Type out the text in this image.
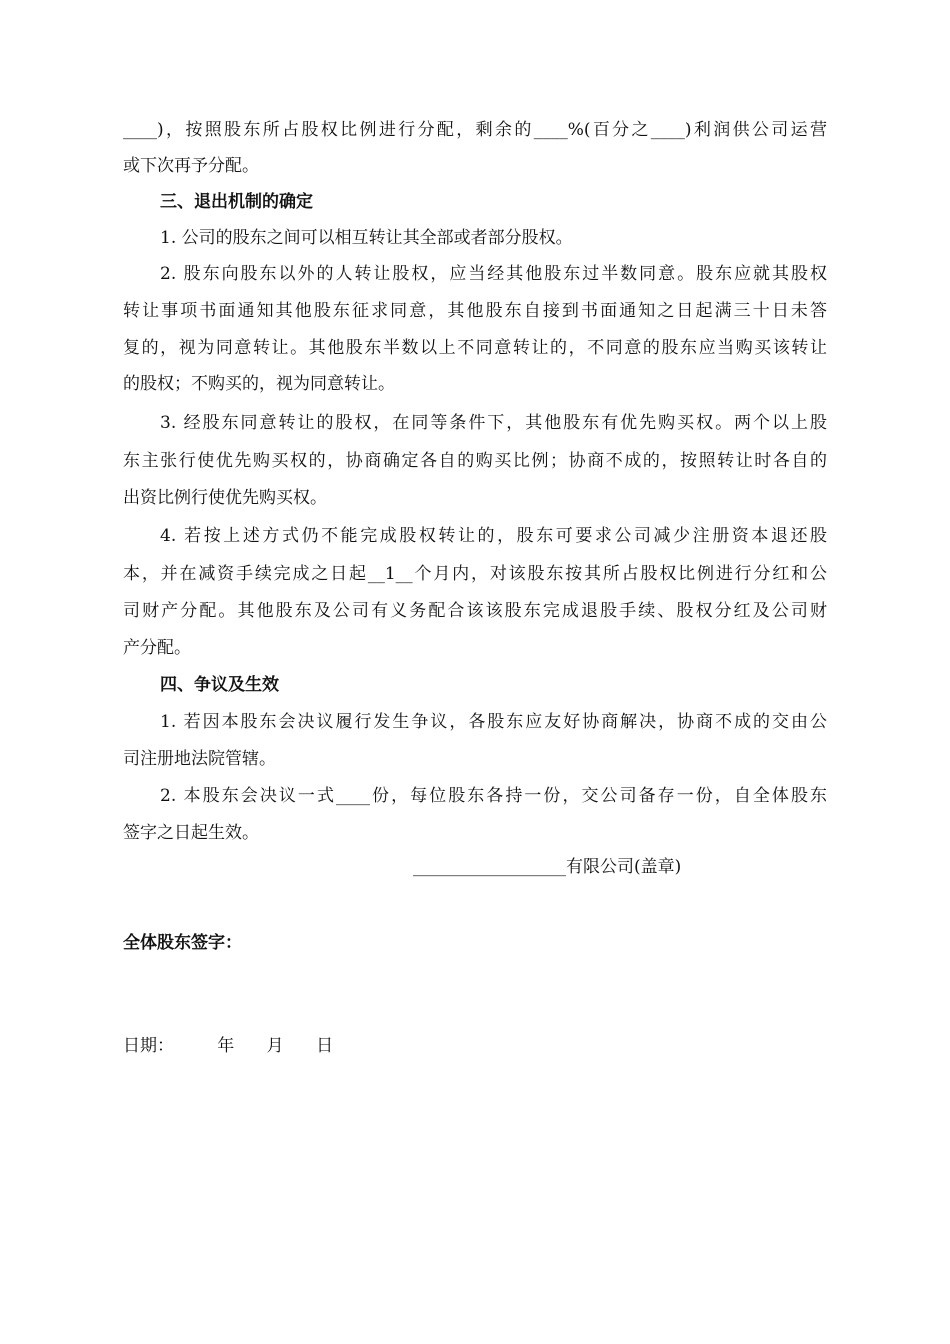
____)，按照股东所占股权比例进行分配，剩余的____%(百分之____)利润供公司运营
或下次再予分配。
三、退出机制的确定
1. 公司的股东之间可以相互转让其全部或者部分股权。
2. 股东向股东以外的人转让股权，应当经其他股东过半数同意。股东应就其股权
转让事项书面通知其他股东征求同意，其他股东自接到书面通知之日起满三十日未答
复的，视为同意转让。其他股东半数以上不同意转让的，不同意的股东应当购买该转让
的股权；不购买的，视为同意转让。
3. 经股东同意转让的股权，在同等条件下，其他股东有优先购买权。两个以上股
东主张行使优先购买权的，协商确定各自的购买比例；协商不成的，按照转让时各自的
出资比例行使优先购买权。
4. 若按上述方式仍不能完成股权转让的，股东可要求公司减少注册资本退还股
本，并在减资手续完成之日起__1__个月内，对该股东按其所占股权比例进行分红和公
司财产分配。其他股东及公司有义务配合该该股东完成退股手续、股权分红及公司财
产分配。
四、争议及生效
1. 若因本股东会决议履行发生争议，各股东应友好协商解决，协商不成的交由公
司注册地法院管辖。
2. 本股东会决议一式____份，每位股东各持一份，交公司备存一份，自全体股东
签字之日起生效。
__________________有限公司(盖章)
全体股东签字：
日期：        年      月      日
